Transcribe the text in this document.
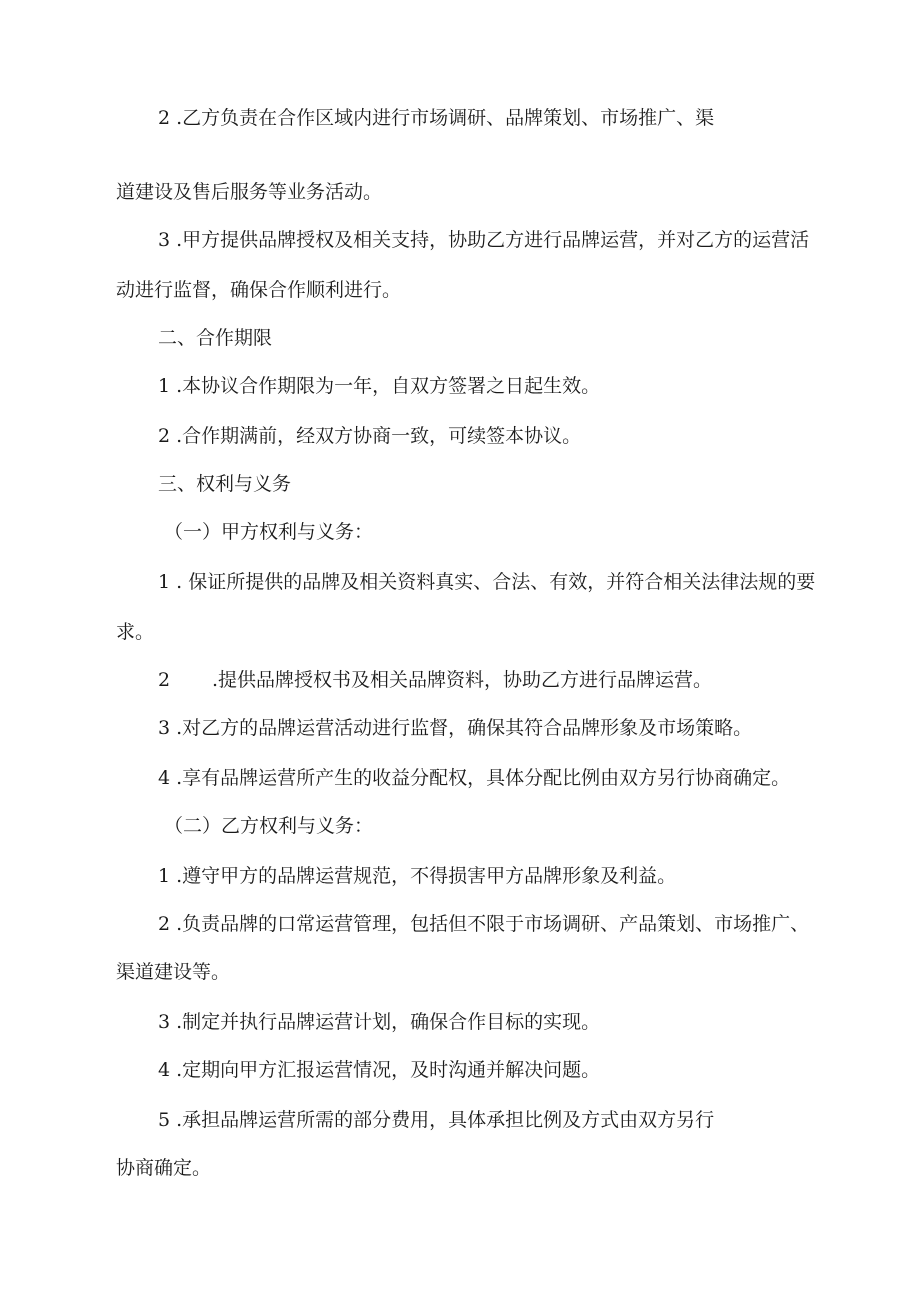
2 .乙方负责在合作区域内进行市场调研、品牌策划、市场推广、渠
道建设及售后服务等业务活动。
3 .甲方提供品牌授权及相关支持，协助乙方进行品牌运营，并对乙方的运营活
动进行监督，确保合作顺利进行。
二、合作期限
1 .本协议合作期限为一年，自双方签署之日起生效。
2 .合作期满前，经双方协商一致，可续签本协议。
三、权利与义务
（一）甲方权利与义务：
1 . 保证所提供的品牌及相关资料真实、合法、有效，并符合相关法律法规的要
求。
2 .提供品牌授权书及相关品牌资料，协助乙方进行品牌运营。
3 .对乙方的品牌运营活动进行监督，确保其符合品牌形象及市场策略。
4 .享有品牌运营所产生的收益分配权，具体分配比例由双方另行协商确定。
（二）乙方权利与义务：
1 .遵守甲方的品牌运营规范，不得损害甲方品牌形象及利益。
2 .负责品牌的口常运营管理，包括但不限于市场调研、产品策划、市场推广、
渠道建设等。
3 .制定并执行品牌运营计划，确保合作目标的实现。
4 .定期向甲方汇报运营情况，及时沟通并解决问题。
5 .承担品牌运营所需的部分费用，具体承担比例及方式由双方另行
协商确定。
